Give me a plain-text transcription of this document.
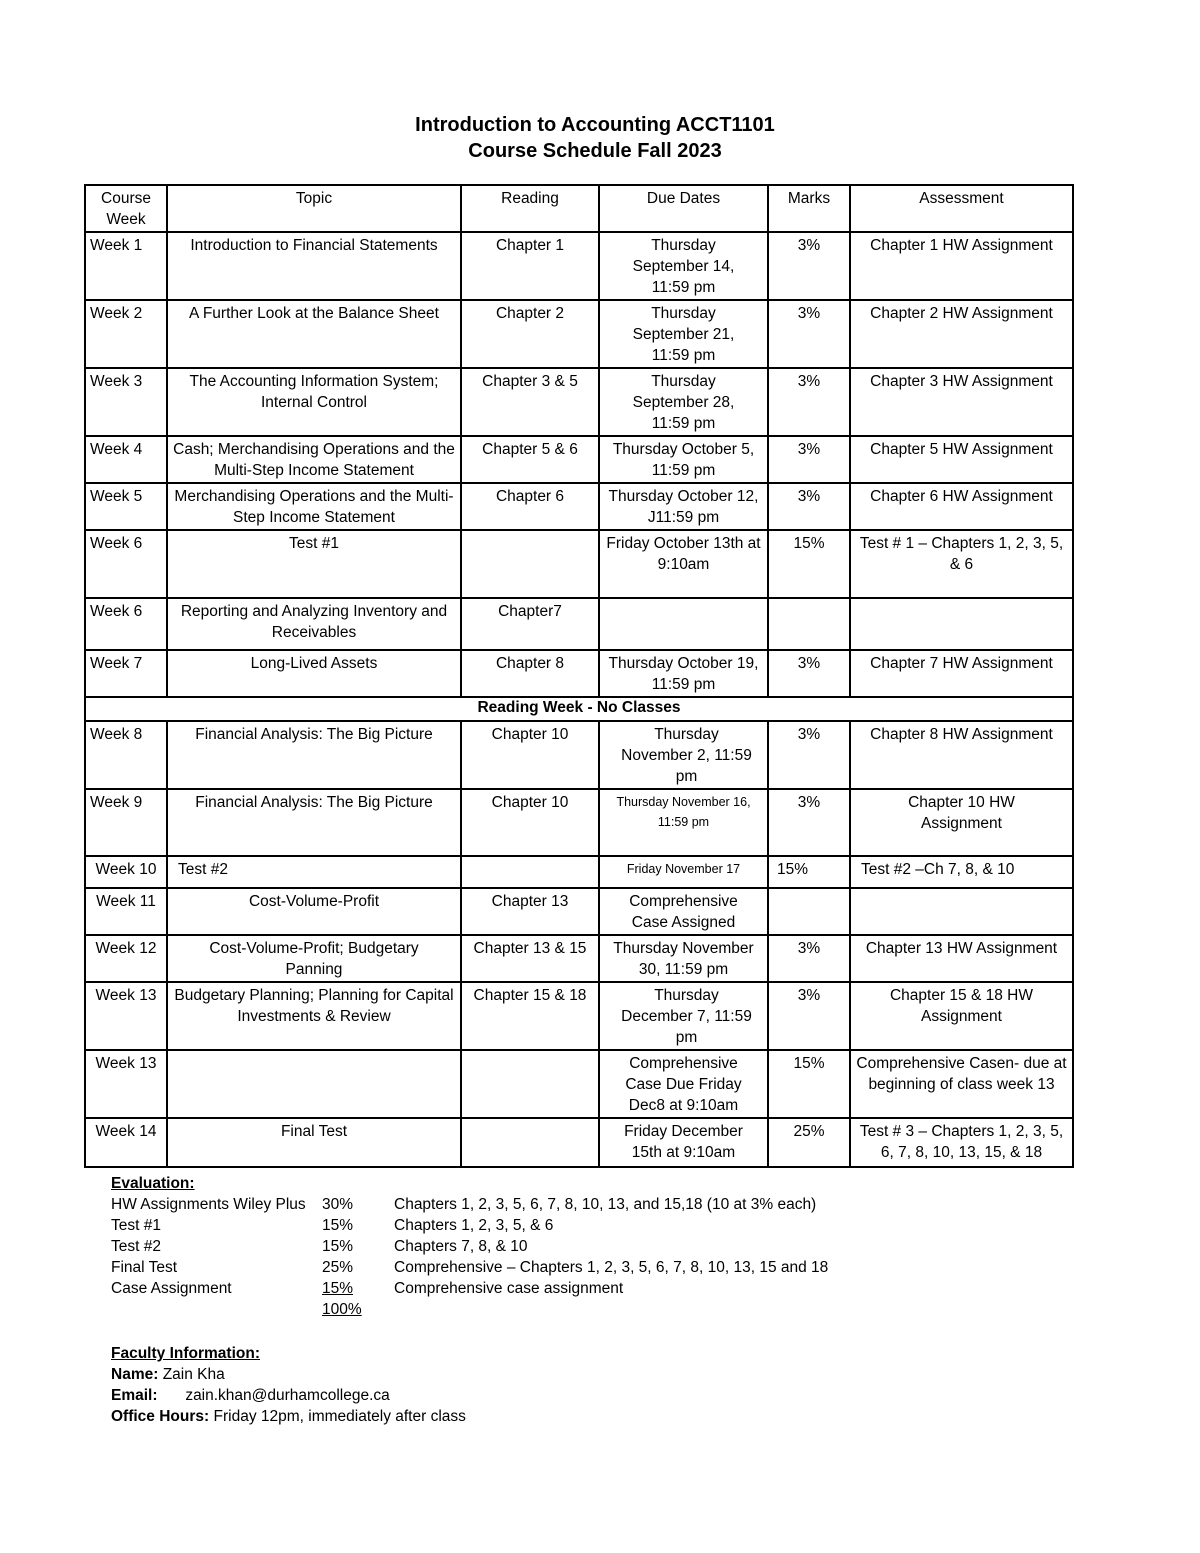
Introduction to Accounting ACCT1101
Course Schedule Fall 2023
Course Week	Topic	Reading	Due Dates	Marks	Assessment
Week 1	Introduction to Financial Statements	Chapter 1	Thursday September 14, 11:59 pm	3%	Chapter 1 HW Assignment
Week 2	A Further Look at the Balance Sheet	Chapter 2	Thursday September 21, 11:59 pm	3%	Chapter 2 HW Assignment
Week 3	The Accounting Information System; Internal Control	Chapter 3 & 5	Thursday September 28, 11:59 pm	3%	Chapter 3 HW Assignment
Week 4	Cash; Merchandising Operations and the Multi-Step Income Statement	Chapter 5 & 6	Thursday October 5, 11:59 pm	3%	Chapter 5 HW Assignment
Week 5	Merchandising Operations and the Multi-Step Income Statement	Chapter 6	Thursday October 12, J11:59 pm	3%	Chapter 6 HW Assignment
Week 6	Test #1		Friday October 13th at 9:10am	15%	Test # 1 – Chapters 1, 2, 3, 5, & 6
Week 6	Reporting and Analyzing Inventory and Receivables	Chapter7			
Week 7	Long-Lived Assets	Chapter 8	Thursday October 19, 11:59 pm	3%	Chapter 7 HW Assignment
Reading Week - No Classes					
Week 8	Financial Analysis: The Big Picture	Chapter 10	Thursday November 2, 11:59 pm	3%	Chapter 8 HW Assignment
Week 9	Financial Analysis: The Big Picture	Chapter 10	Thursday November 16, 11:59 pm	3%	Chapter 10 HW Assignment
Week 10	Test #2		Friday November 17	15%	Test #2 –Ch 7, 8, & 10
Week 11	Cost-Volume-Profit	Chapter 13	Comprehensive Case Assigned		
Week 12	Cost-Volume-Profit; Budgetary Panning	Chapter 13 & 15	Thursday November 30, 11:59 pm	3%	Chapter 13 HW Assignment
Week 13	Budgetary Planning; Planning for Capital Investments & Review	Chapter 15 & 18	Thursday December 7, 11:59 pm	3%	Chapter 15 & 18 HW Assignment
Week 13			Comprehensive Case Due Friday Dec8 at 9:10am	15%	Comprehensive Casen- due at beginning of class week 13
Week 14	Final Test		Friday December 15th at 9:10am	25%	Test # 3 – Chapters 1, 2, 3, 5, 6, 7, 8, 10, 13, 15, & 18
Evaluation:
HW Assignments Wiley Plus 30%	Chapters 1, 2, 3, 5, 6, 7, 8, 10, 13, and 15,18 (10 at 3% each)
Test #1	15%	Chapters 1, 2, 3, 5, & 6
Test #2	15%	Chapters 7, 8, & 10
Final Test	25%	Comprehensive – Chapters 1, 2, 3, 5, 6, 7, 8, 10, 13, 15 and 18
Case Assignment	15%	Comprehensive case assignment
100%
Faculty Information:
Name: Zain Kha
Email: zain.khan@durhamcollege.ca
Office Hours: Friday 12pm, immediately after class
